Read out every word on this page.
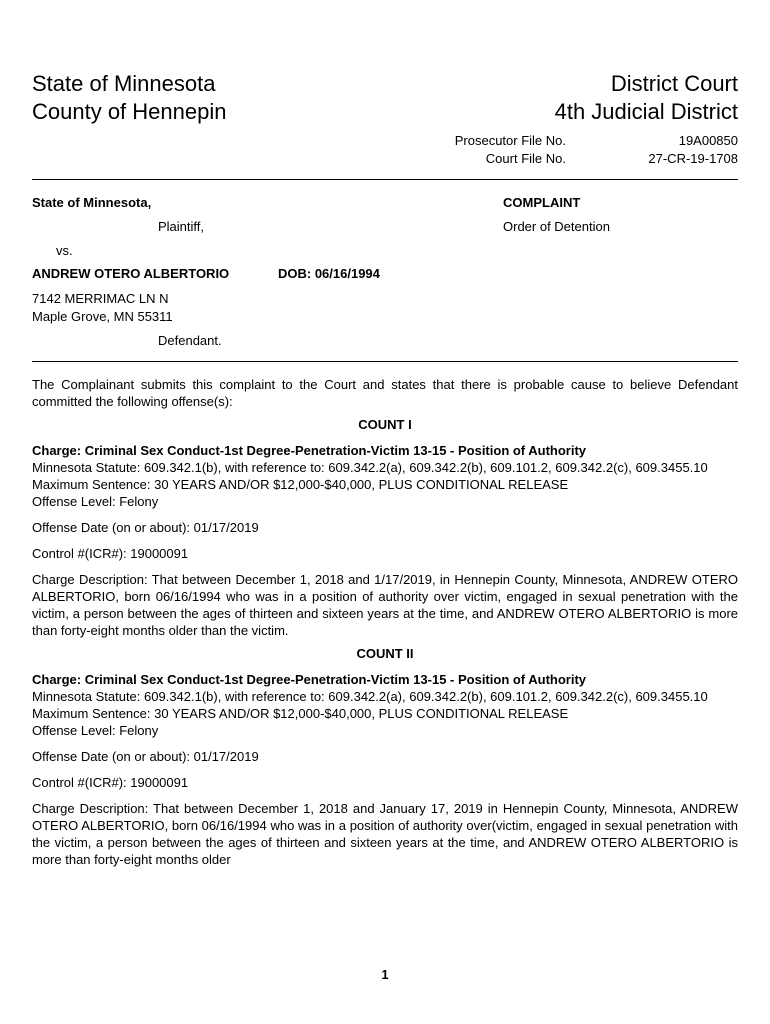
State of Minnesota
County of Hennepin
District Court
4th Judicial District
Prosecutor File No.	19A00850
Court File No.	27-CR-19-1708
State of Minnesota,
Plaintiff,
vs.
ANDREW OTERO ALBERTORIO	DOB: 06/16/1994
7142 MERRIMAC LN N
Maple Grove, MN 55311
Defendant.
COMPLAINT
Order of Detention

The Complainant submits this complaint to the Court and states that there is probable cause to believe Defendant committed the following offense(s):

COUNT I

Charge: Criminal Sex Conduct-1st Degree-Penetration-Victim 13-15 - Position of Authority

Minnesota Statute: 609.342.1(b), with reference to: 609.342.2(a), 609.342.2(b), 609.101.2, 609.342.2(c), 609.3455.10

Maximum Sentence: 30 YEARS AND/OR $12,000-$40,000, PLUS CONDITIONAL RELEASE

Offense Level: Felony

Offense Date (on or about): 01/17/2019

Control #(ICR#): 19000091

Charge Description: That between December 1, 2018 and 1/17/2019, in Hennepin County, Minnesota, ANDREW OTERO ALBERTORIO, born 06/16/1994 who was in a position of authority over victim, engaged in sexual penetration with the victim, a person between the ages of thirteen and sixteen years at the time, and ANDREW OTERO ALBERTORIO is more than forty-eight months older than the victim.

COUNT II

Charge: Criminal Sex Conduct-1st Degree-Penetration-Victim 13-15 - Position of Authority

Minnesota Statute: 609.342.1(b), with reference to: 609.342.2(a), 609.342.2(b), 609.101.2, 609.342.2(c), 609.3455.10

Maximum Sentence: 30 YEARS AND/OR $12,000-$40,000, PLUS CONDITIONAL RELEASE

Offense Level: Felony

Offense Date (on or about): 01/17/2019

Control #(ICR#): 19000091

Charge Description: That between December 1, 2018 and January 17, 2019 in Hennepin County, Minnesota, ANDREW OTERO ALBERTORIO, born 06/16/1994 who was in a position of authority over(victim, engaged in sexual penetration with the victim, a person between the ages of thirteen and sixteen years at the time, and ANDREW OTERO ALBERTORIO is more than forty-eight months older

1
